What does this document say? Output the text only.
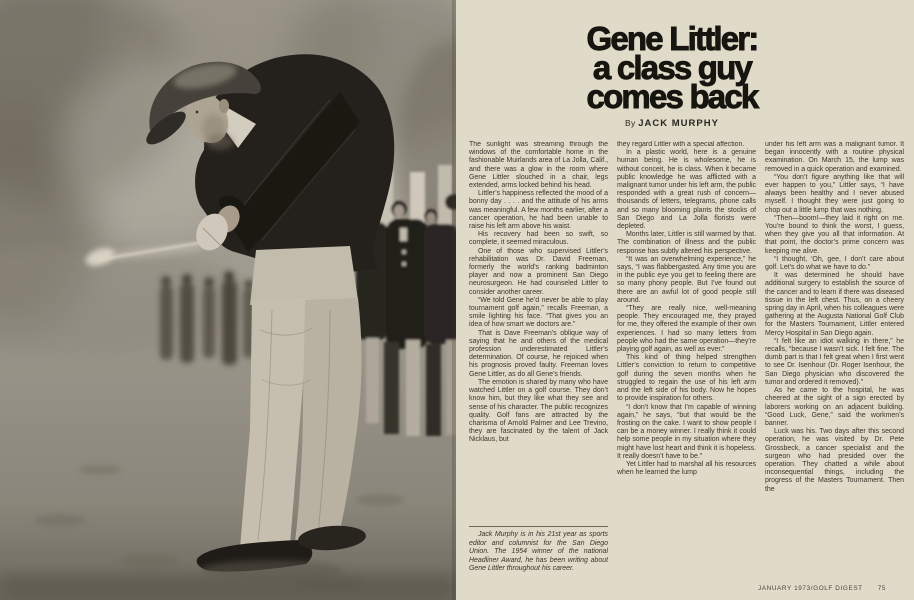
Gene Littler:
a class guy
comes back
By JACK MURPHY

The sunlight was streaming through the windows of the comfortable home in the fashionable Muirlands area of La Jolla, Calif., and there was a glow in the room where Gene Littler slouched in a chair, legs extended, arms locked behind his head.

Littler’s happiness reflected the mood of a bonny day . . . . and the attitude of his arms was meaningful. A few months earlier, after a cancer operation, he had been unable to raise his left arm above his waist.

His recovery had been so swift, so complete, it seemed miraculous.

One of those who supervised Littler’s rehabilitation was Dr. David Freeman, formerly the world’s ranking badminton player and now a prominent San Diego neurosurgeon. He had counseled Littler to consider another career.

“We told Gene he’d never be able to play tournament golf again,” recalls Freeman, a smile lighting his face. “That gives you an idea of how smart we doctors are.”

That is Dave Freeman’s oblique way of saying that he and others of the medical profession underestimated Littler’s determination. Of course, he rejoiced when his prognosis proved faulty. Freeman loves Gene Littler, as do all Gene’s friends.

The emotion is shared by many who have watched Littler on a golf course. They don’t know him, but they like what they see and sense of his character. The public recognizes quality. Golf fans are attracted by the charisma of Arnold Palmer and Lee Trevino, they are fascinated by the talent of Jack Nicklaus, but

Jack Murphy is in his 21st year as sports editor and columnist for the San Diego Union. The 1954 winner of the national Headliner Award, he has been writing about Gene Littler throughout his career.

they regard Littler with a special affection.

In a plastic world, here is a genuine human being. He is wholesome, he is without conceit, he is class. When it became public knowledge he was afflicted with a malignant tumor under his left arm, the public responded with a great rush of concern—thousands of letters, telegrams, phone calls and so many blooming plants the stocks of San Diego and La Jolla florists were depleted.

Months later, Littler is still warmed by that. The combination of illness and the public response has subtly altered his perspective.

“It was an overwhelming experience,” he says, “I was flabbergasted. Any time you are in the public eye you get to feeling there are so many phony people. But I’ve found out there are an awful lot of good people still around.

“They are really nice, well-meaning people. They encouraged me, they prayed for me, they offered the example of their own experiences. I had so many letters from people who had the same operation—they’re playing golf again, as well as ever.”

This kind of thing helped strengthen Littler’s conviction to return to competitive golf during the seven months when he struggled to regain the use of his left arm and the left side of his body. Now he hopes to provide inspiration for others.

“I don’t know that I’m capable of winning again,” he says, “but that would be the frosting on the cake. I want to show people I can be a money winner. I really think it could help some people in my situation where they might have lost heart and think it is hopeless. It really doesn’t have to be.”

Yet Littler had to marshal all his resources when he learned the lump

under his left arm was a malignant tumor. It began innocently with a routine physical examination. On March 15, the lump was removed in a quick operation and examined.

“You don’t figure anything like that will ever happen to you,” Littler says, “I have always been healthy and I never abused myself. I thought they were just going to chop out a little lump that was nothing.

“Then—boom!—they laid it right on me. You’re bound to think the worst, I guess, when they give you all that information. At that point, the doctor’s prime concern was keeping me alive.

“I thought, ‘Oh, gee, I don’t care about golf. Let’s do what we have to do.”

It was determined he should have additional surgery to establish the source of the cancer and to learn if there was diseased tissue in the left chest. Thus, on a cheery spring day in April, when his colleagues were gathering at the Augusta National Golf Club for the Masters Tournament, Littler entered Mercy Hospital in San Diego again.

“I felt like an idiot walking in there,” he recalls, “because I wasn’t sick. I felt fine. The dumb part is that I felt great when I first went to see Dr. Isenhour (Dr. Roger Isenhour, the San Diego physician who discovered the tumor and ordered it removed).”

As he came to the hospital, he was cheered at the sight of a sign erected by laborers working on an adjacent building. “Good Luck, Gene,” said the workmen’s banner.

Luck was his. Two days after this second operation, he was visited by Dr. Pete Grossbeck, a cancer specialist and the surgeon who had presided over the operation. They chatted a while about inconsequential things, including the progress of the Masters Tournament. Then the

JANUARY 1973/GOLF DIGEST 75
